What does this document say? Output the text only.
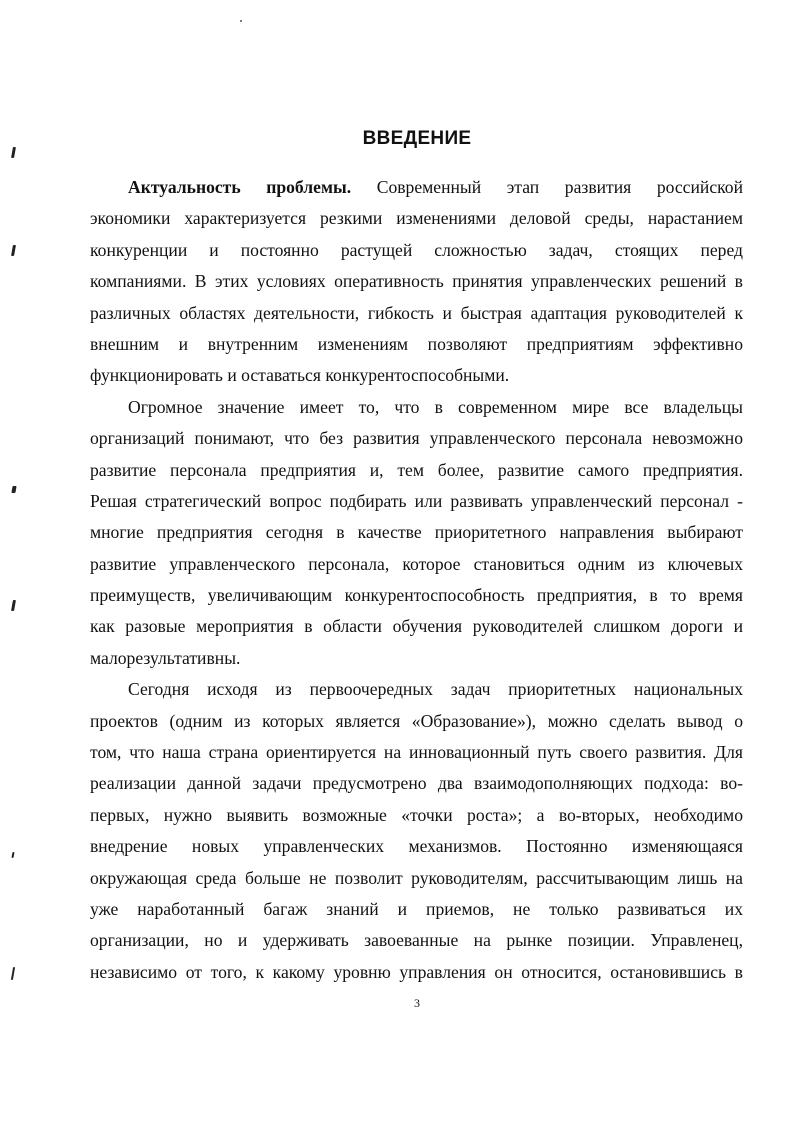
ВВЕДЕНИЕ
Актуальность проблемы. Современный этап развития российской
экономики характеризуется резкими изменениями деловой среды, нарастанием
конкуренции и постоянно растущей сложностью задач, стоящих перед
компаниями. В этих условиях оперативность принятия управленческих решений в
различных областях деятельности, гибкость и быстрая адаптация руководителей к
внешним и внутренним изменениям позволяют предприятиям эффективно
функционировать и оставаться конкурентоспособными.
Огромное значение имеет то, что в современном мире все владельцы
организаций понимают, что без развития управленческого персонала невозможно
развитие персонала предприятия и, тем более, развитие самого предприятия.
Решая стратегический вопрос подбирать или развивать управленческий персонал -
многие предприятия сегодня в качестве приоритетного направления выбирают
развитие управленческого персонала, которое становиться одним из ключевых
преимуществ, увеличивающим конкурентоспособность предприятия, в то время
как разовые мероприятия в области обучения руководителей слишком дороги и
малорезультативны.
Сегодня исходя из первоочередных задач приоритетных национальных
проектов (одним из которых является «Образование»), можно сделать вывод о
том, что наша страна ориентируется на инновационный путь своего развития. Для
реализации данной задачи предусмотрено два взаимодополняющих подхода: во-
первых, нужно выявить возможные «точки роста»; а во-вторых, необходимо
внедрение новых управленческих механизмов. Постоянно изменяющаяся
окружающая среда больше не позволит руководителям, рассчитывающим лишь на
уже наработанный багаж знаний и приемов, не только развиваться их
организации, но и удерживать завоеванные на рынке позиции. Управленец,
независимо от того, к какому уровню управления он относится, остановившись в
3
